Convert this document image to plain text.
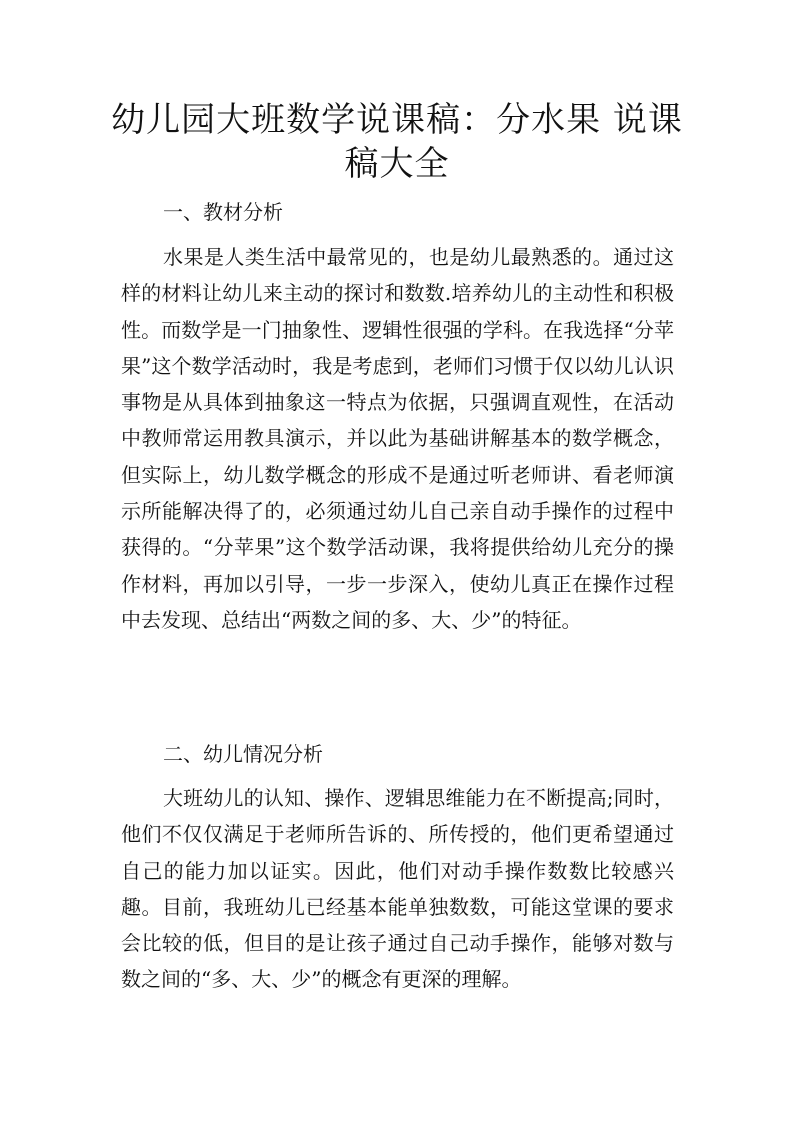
幼儿园大班数学说课稿：分水果 说课稿大全
一、教材分析

水果是人类生活中最常见的，也是幼儿最熟悉的。通过这样的材料让幼儿来主动的探讨和数数.培养幼儿的主动性和积极性。而数学是一门抽象性、逻辑性很强的学科。在我选择“分苹果”这个数学活动时，我是考虑到，老师们习惯于仅以幼儿认识事物是从具体到抽象这一特点为依据，只强调直观性，在活动中教师常运用教具演示，并以此为基础讲解基本的数学概念，但实际上，幼儿数学概念的形成不是通过听老师讲、看老师演示所能解决得了的，必须通过幼儿自己亲自动手操作的过程中获得的。“分苹果”这个数学活动课，我将提供给幼儿充分的操作材料，再加以引导，一步一步深入，使幼儿真正在操作过程中去发现、总结出“两数之间的多、大、少”的特征。

二、幼儿情况分析

大班幼儿的认知、操作、逻辑思维能力在不断提高;同时，他们不仅仅满足于老师所告诉的、所传授的，他们更希望通过自己的能力加以证实。因此，他们对动手操作数数比较感兴趣。目前，我班幼儿已经基本能单独数数，可能这堂课的要求会比较的低，但目的是让孩子通过自己动手操作，能够对数与数之间的“多、大、少”的概念有更深的理解。
